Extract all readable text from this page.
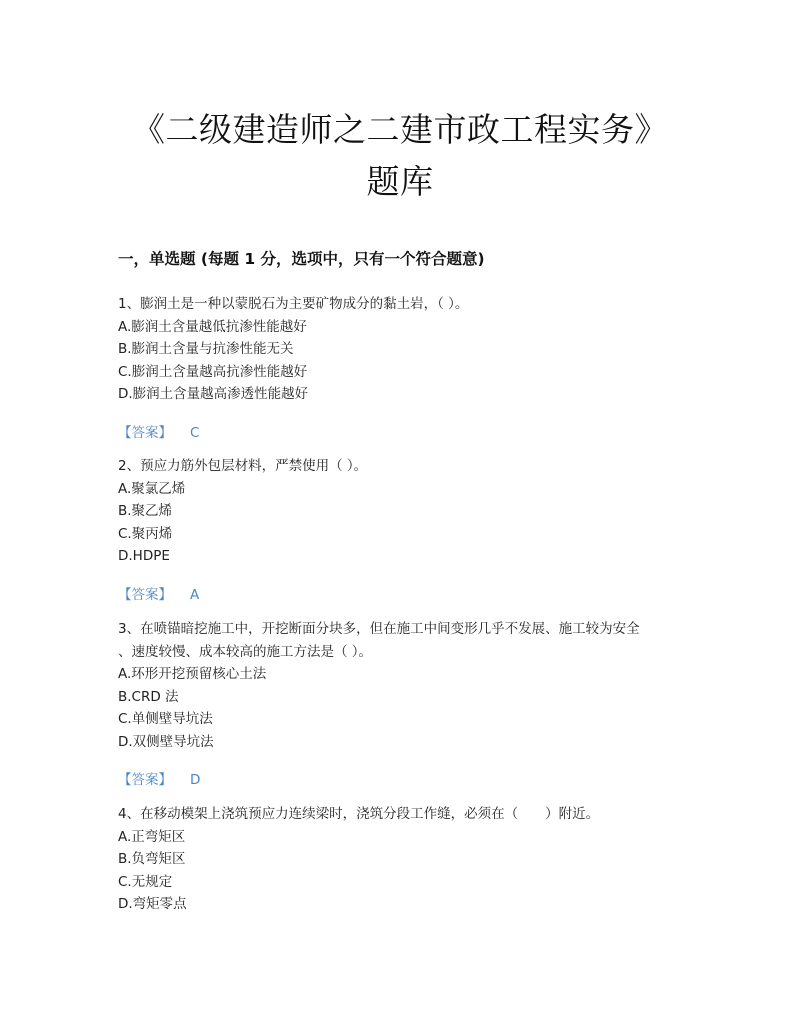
《二级建造师之二建市政工程实务》
题库
一，单选题 (每题 1 分，选项中，只有一个符合题意)

1、膨润土是一种以蒙脱石为主要矿物成分的黏土岩，（ ）。

A.膨润土含量越低抗渗性能越好

B.膨润土含量与抗渗性能无关

C.膨润土含量越高抗渗性能越好

D.膨润土含量越高渗透性能越好

【答案】 C

2、预应力筋外包层材料，严禁使用（ ）。

A.聚氯乙烯

B.聚乙烯

C.聚丙烯

D.HDPE

【答案】 A

3、在喷锚暗挖施工中，开挖断面分块多，但在施工中间变形几乎不发展、施工较为安全

、速度较慢、成本较高的施工方法是（ ）。

A.环形开挖预留核心土法

B.CRD 法

C.单侧壁导坑法

D.双侧壁导坑法

【答案】 D

4、在移动模架上浇筑预应力连续梁时，浇筑分段工作缝，必须在（　　）附近。

A.正弯矩区

B.负弯矩区

C.无规定

D.弯矩零点
